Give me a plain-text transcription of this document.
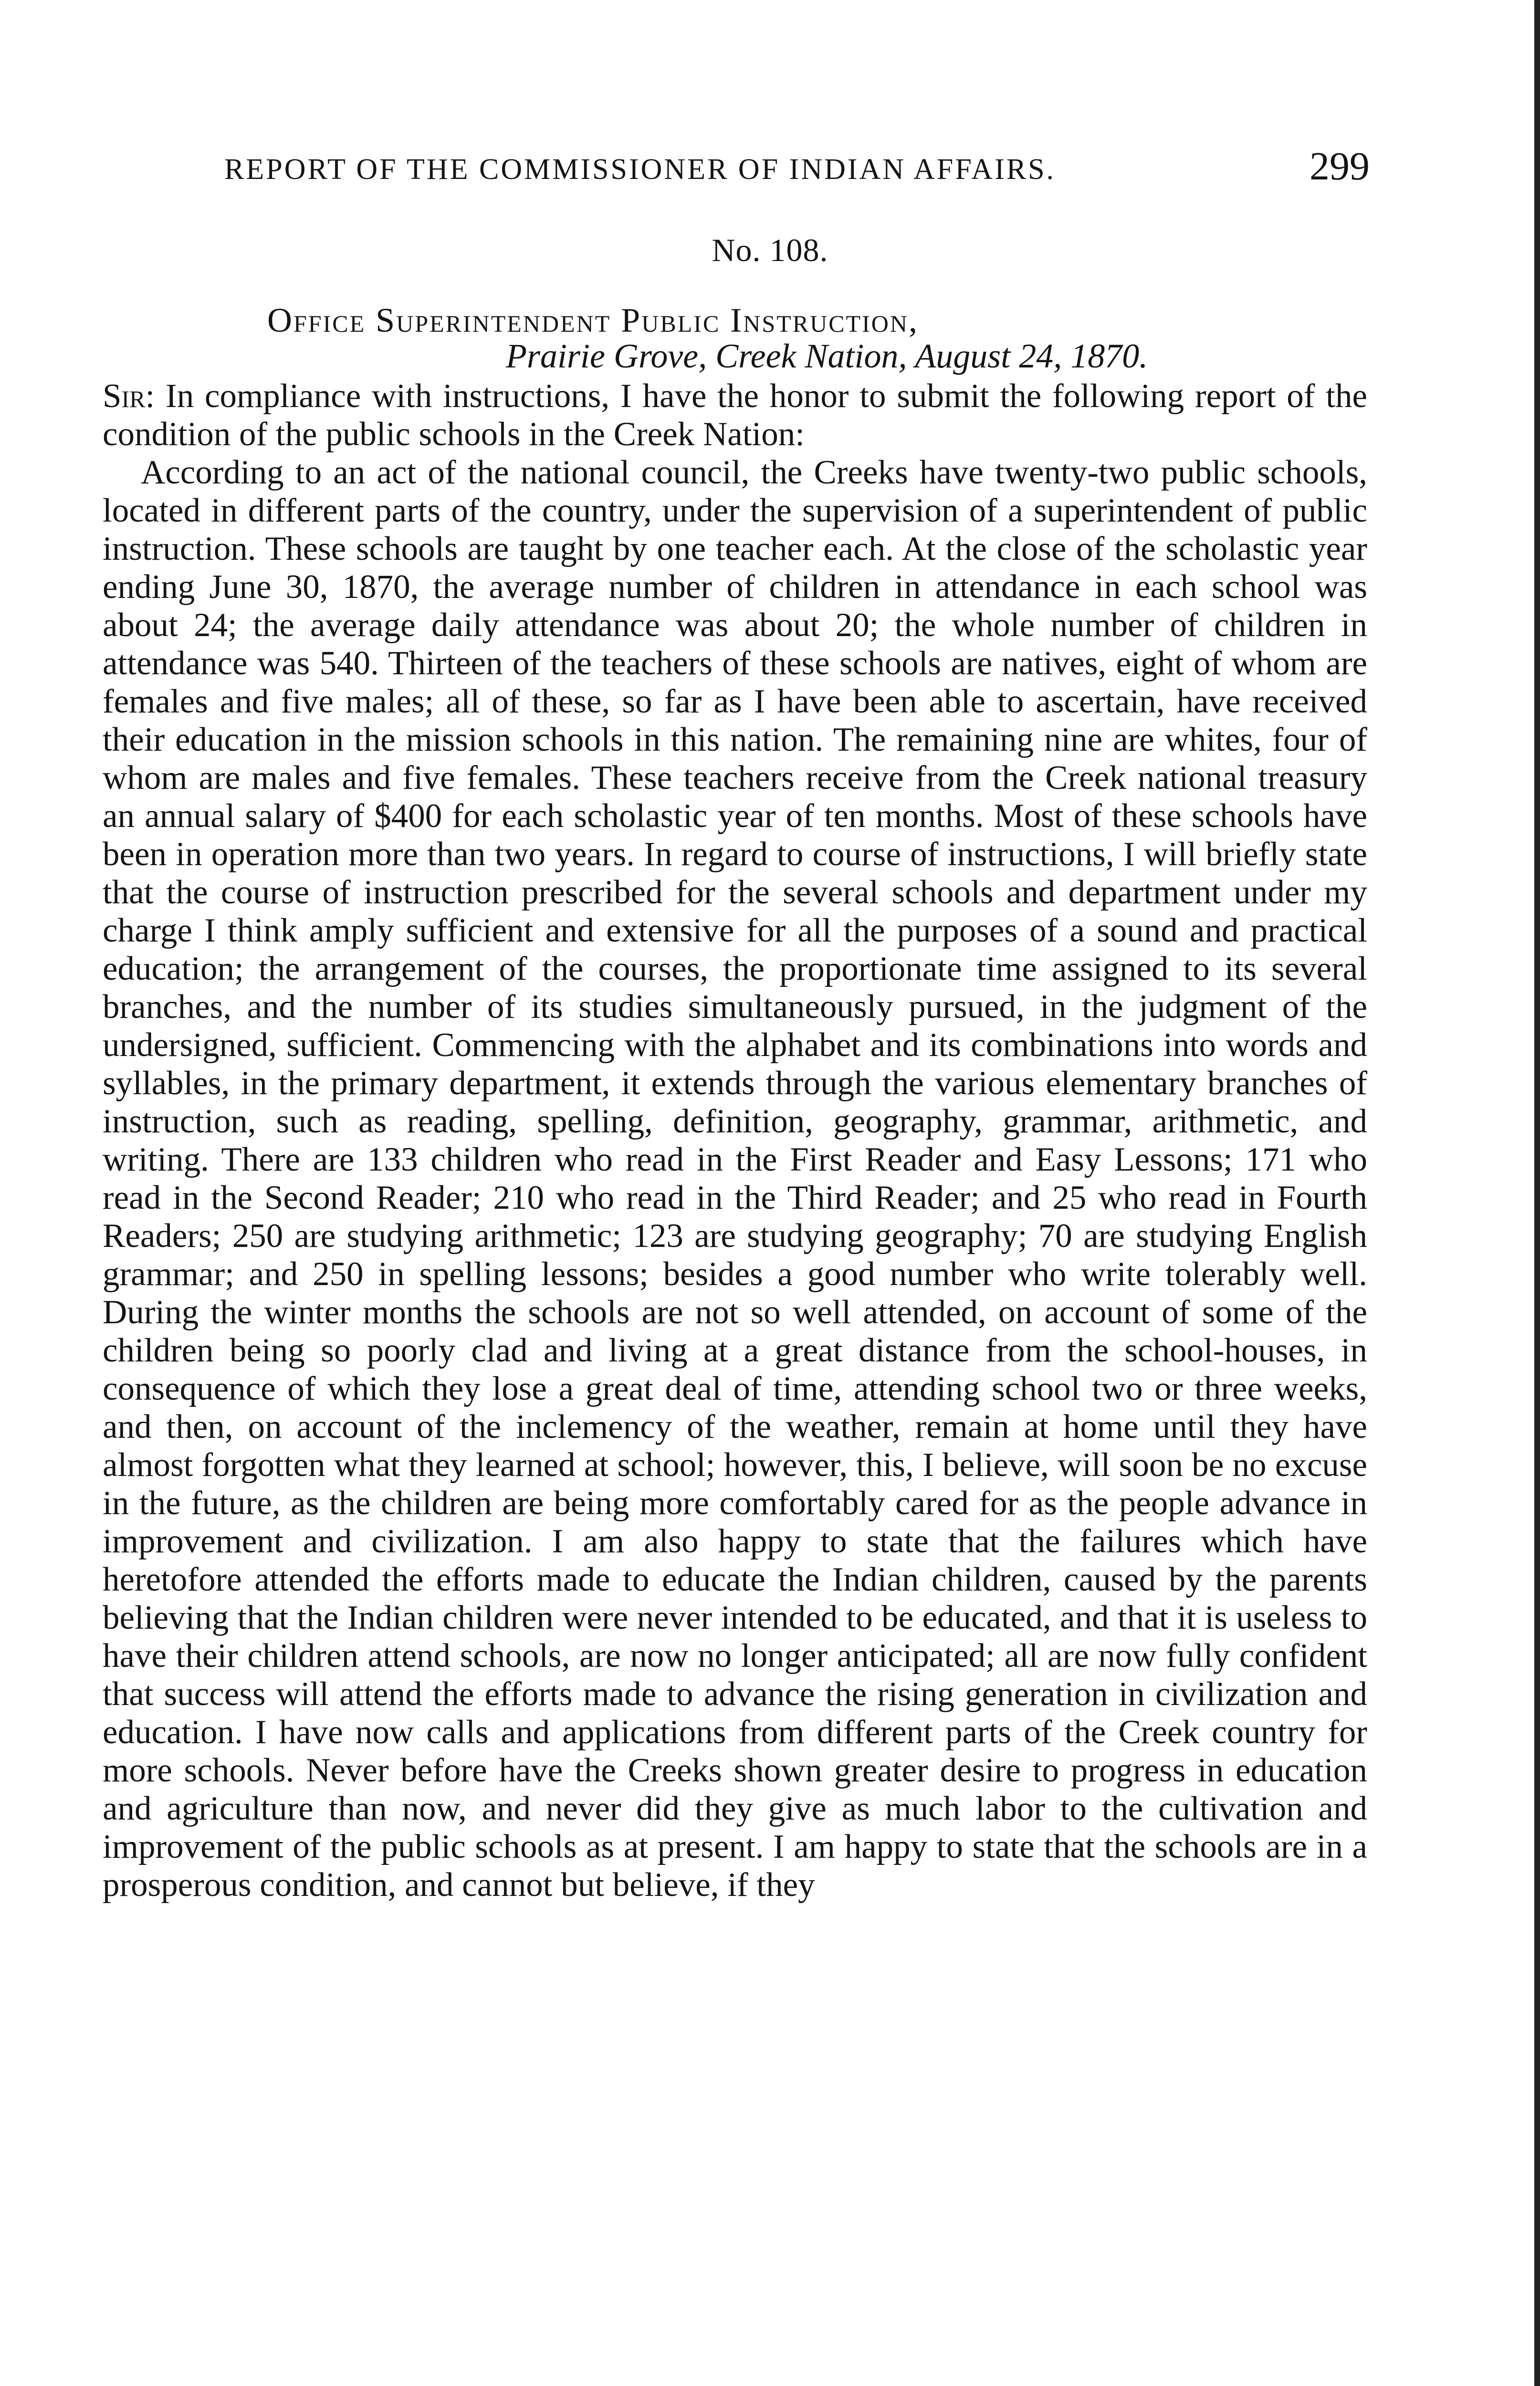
REPORT OF THE COMMISSIONER OF INDIAN AFFAIRS.	299
No. 108.
Office Superintendent Public Instruction,
Prairie Grove, Creek Nation, August 24, 1870.

Sir: In compliance with instructions, I have the honor to submit the following report of the condition of the public schools in the Creek Nation:

According to an act of the national council, the Creeks have twenty-two public schools, located in different parts of the country, under the supervision of a superintendent of public instruction. These schools are taught by one teacher each. At the close of the scholastic year ending June 30, 1870, the average number of children in attendance in each school was about 24; the average daily attendance was about 20; the whole number of children in attendance was 540. Thirteen of the teachers of these schools are natives, eight of whom are females and five males; all of these, so far as I have been able to ascertain, have received their education in the mission schools in this nation. The remaining nine are whites, four of whom are males and five females. These teachers receive from the Creek national treasury an annual salary of $400 for each scholastic year of ten months. Most of these schools have been in operation more than two years. In regard to course of instructions, I will briefly state that the course of instruction prescribed for the several schools and department under my charge I think amply sufficient and extensive for all the purposes of a sound and practical education; the arrangement of the courses, the proportionate time assigned to its several branches, and the number of its studies simultaneously pursued, in the judgment of the undersigned, sufficient. Commencing with the alphabet and its combinations into words and syllables, in the primary department, it extends through the various elementary branches of instruction, such as reading, spelling, definition, geography, grammar, arithmetic, and writing. There are 133 children who read in the First Reader and Easy Lessons; 171 who read in the Second Reader; 210 who read in the Third Reader; and 25 who read in Fourth Readers; 250 are studying arithmetic; 123 are studying geography; 70 are studying English grammar; and 250 in spelling lessons; besides a good number who write tolerably well. During the winter months the schools are not so well attended, on account of some of the children being so poorly clad and living at a great distance from the school-houses, in consequence of which they lose a great deal of time, attending school two or three weeks, and then, on account of the inclemency of the weather, remain at home until they have almost forgotten what they learned at school; however, this, I believe, will soon be no excuse in the future, as the children are being more comfortably cared for as the people advance in improvement and civilization. I am also happy to state that the failures which have heretofore attended the efforts made to educate the Indian children, caused by the parents believing that the Indian children were never intended to be educated, and that it is useless to have their children attend schools, are now no longer anticipated; all are now fully confident that success will attend the efforts made to advance the rising generation in civilization and education. I have now calls and applications from different parts of the Creek country for more schools. Never before have the Creeks shown greater desire to progress in education and agriculture than now, and never did they give as much labor to the cultivation and improvement of the public schools as at present. I am happy to state that the schools are in a prosperous condition, and cannot but believe, if they
